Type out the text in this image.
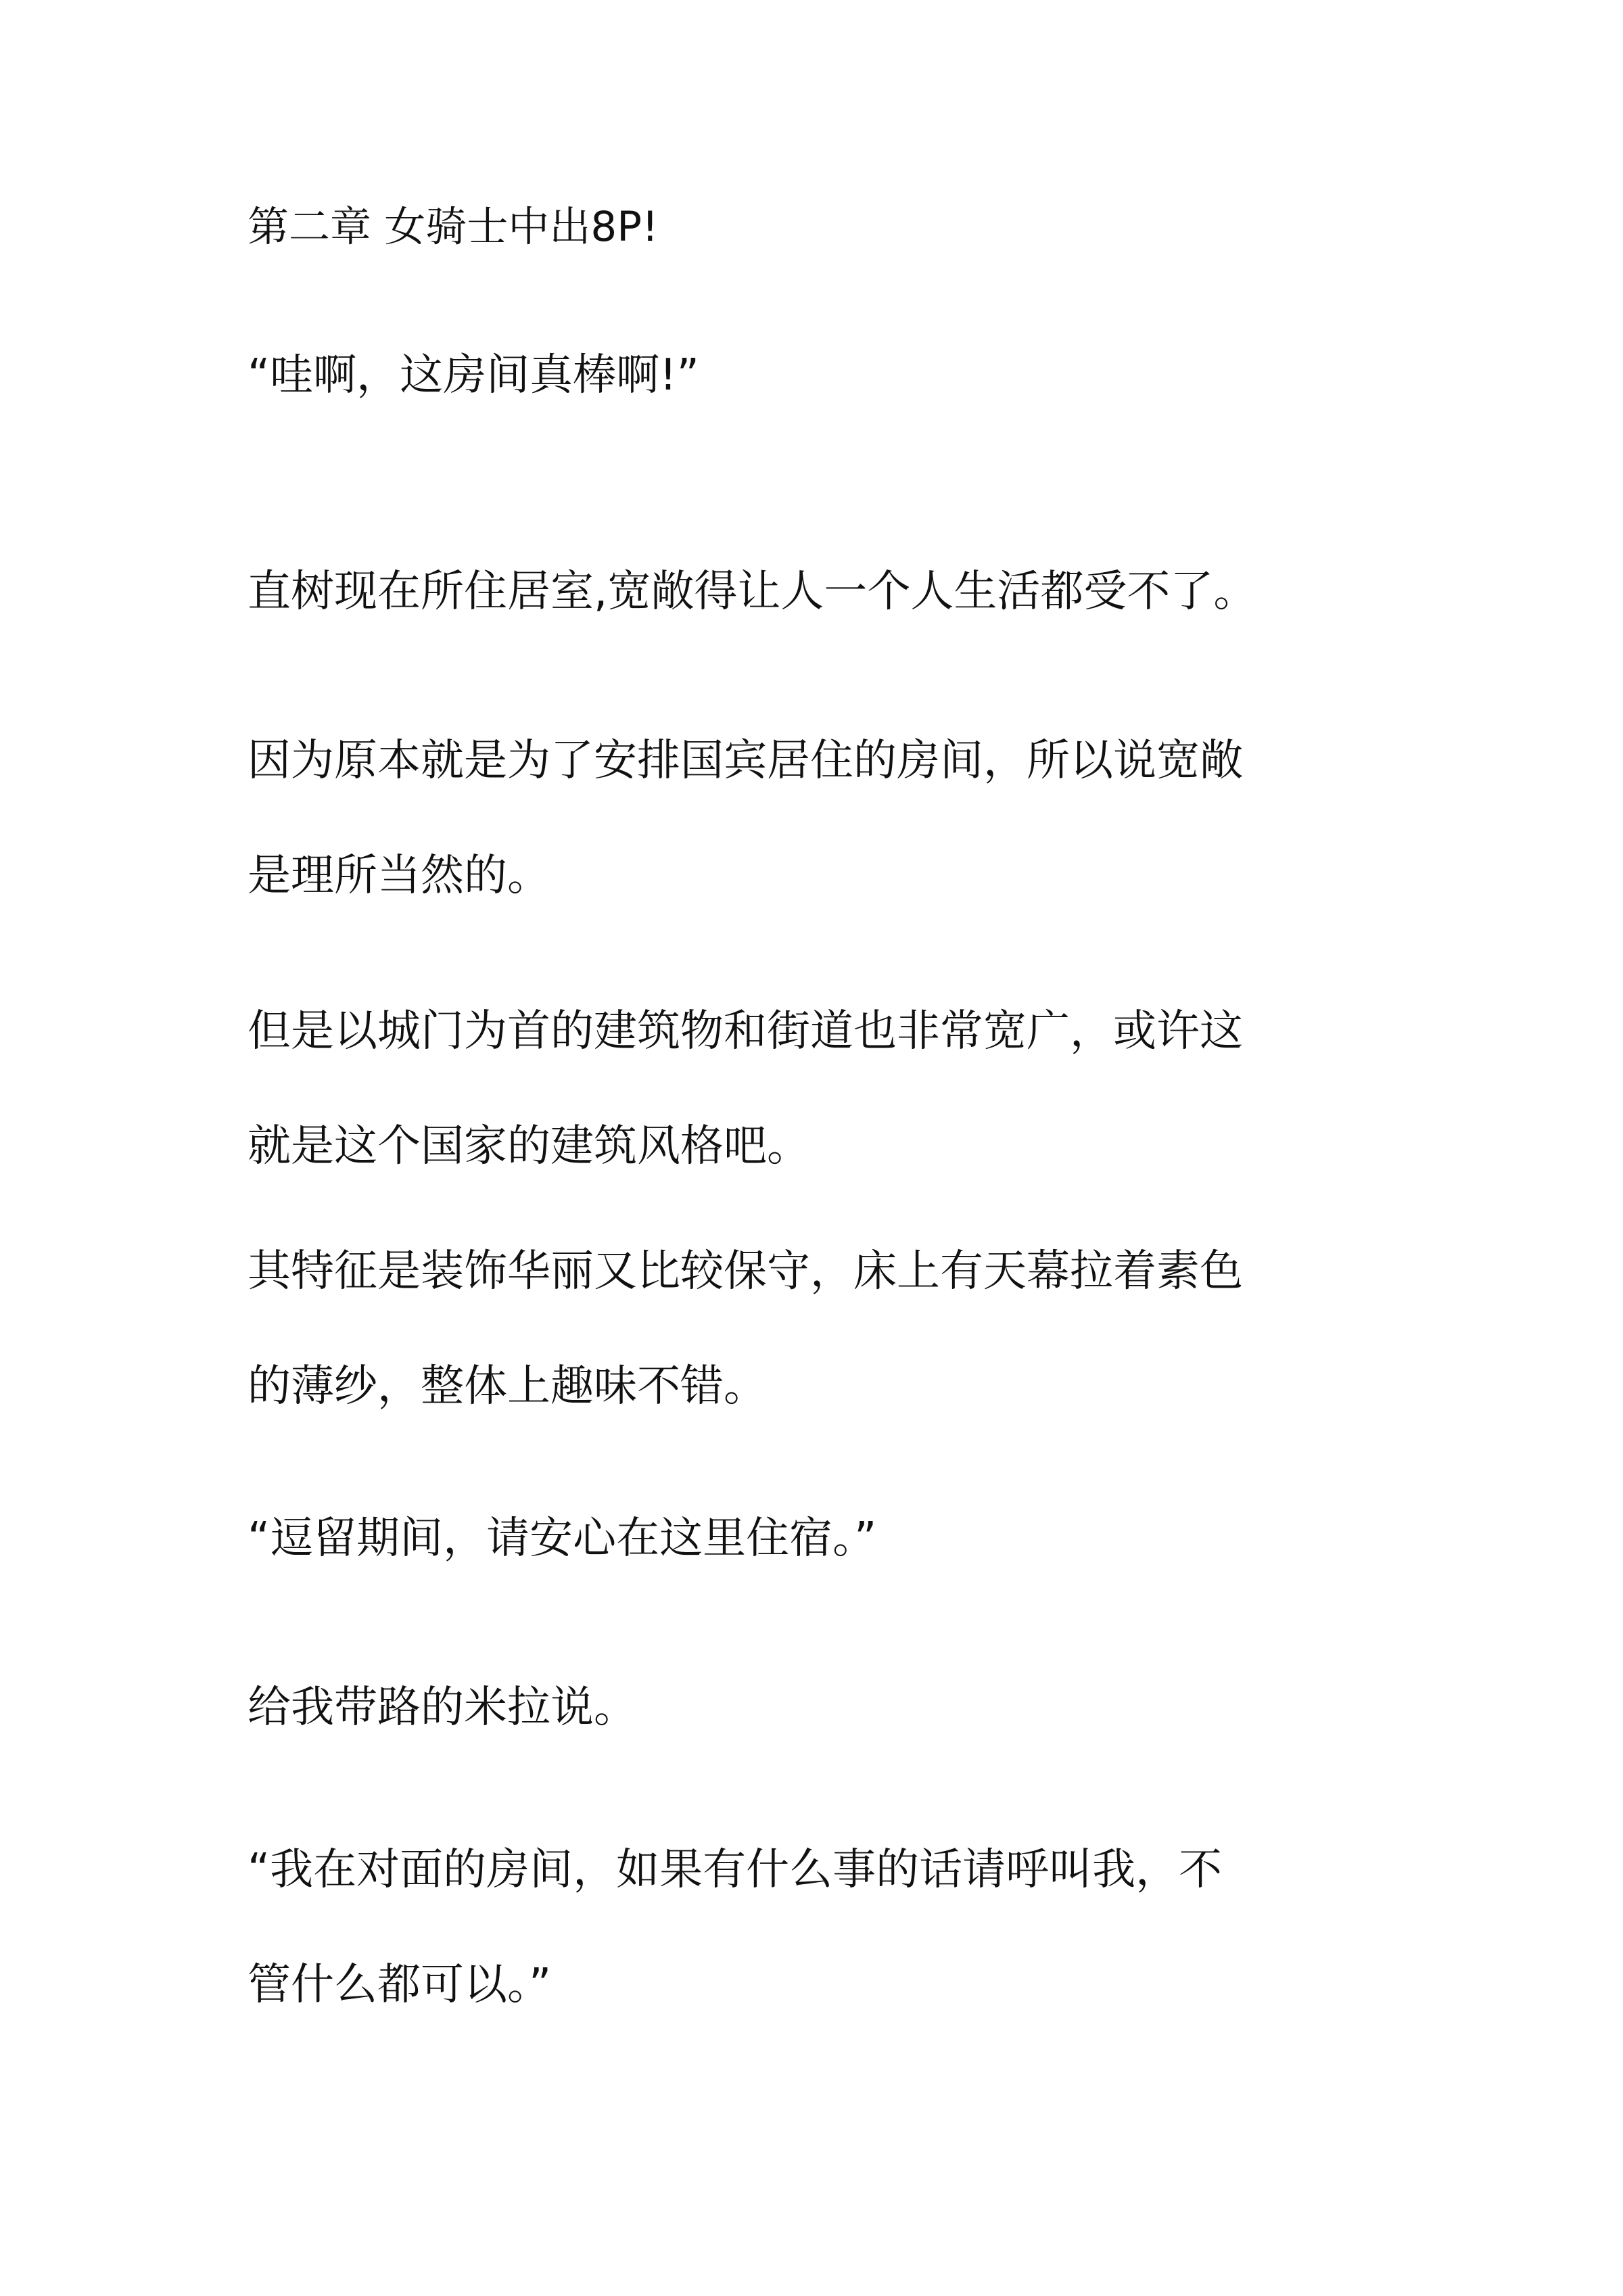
第二章 女骑士中出8P!

“哇啊，这房间真棒啊!”

直树现在所住居室,宽敞得让人一个人生活都受不了。

因为原本就是为了安排国宾居住的房间，所以说宽敞
是理所当然的。

但是以城门为首的建筑物和街道也非常宽广，或许这
就是这个国家的建筑风格吧。

其特征是装饰华丽又比较保守，床上有天幕拉着素色
的薄纱，整体上趣味不错。

“逗留期间，请安心在这里住宿。”

给我带路的米拉说。

“我在对面的房间，如果有什么事的话请呼叫我，不
管什么都可以。”
